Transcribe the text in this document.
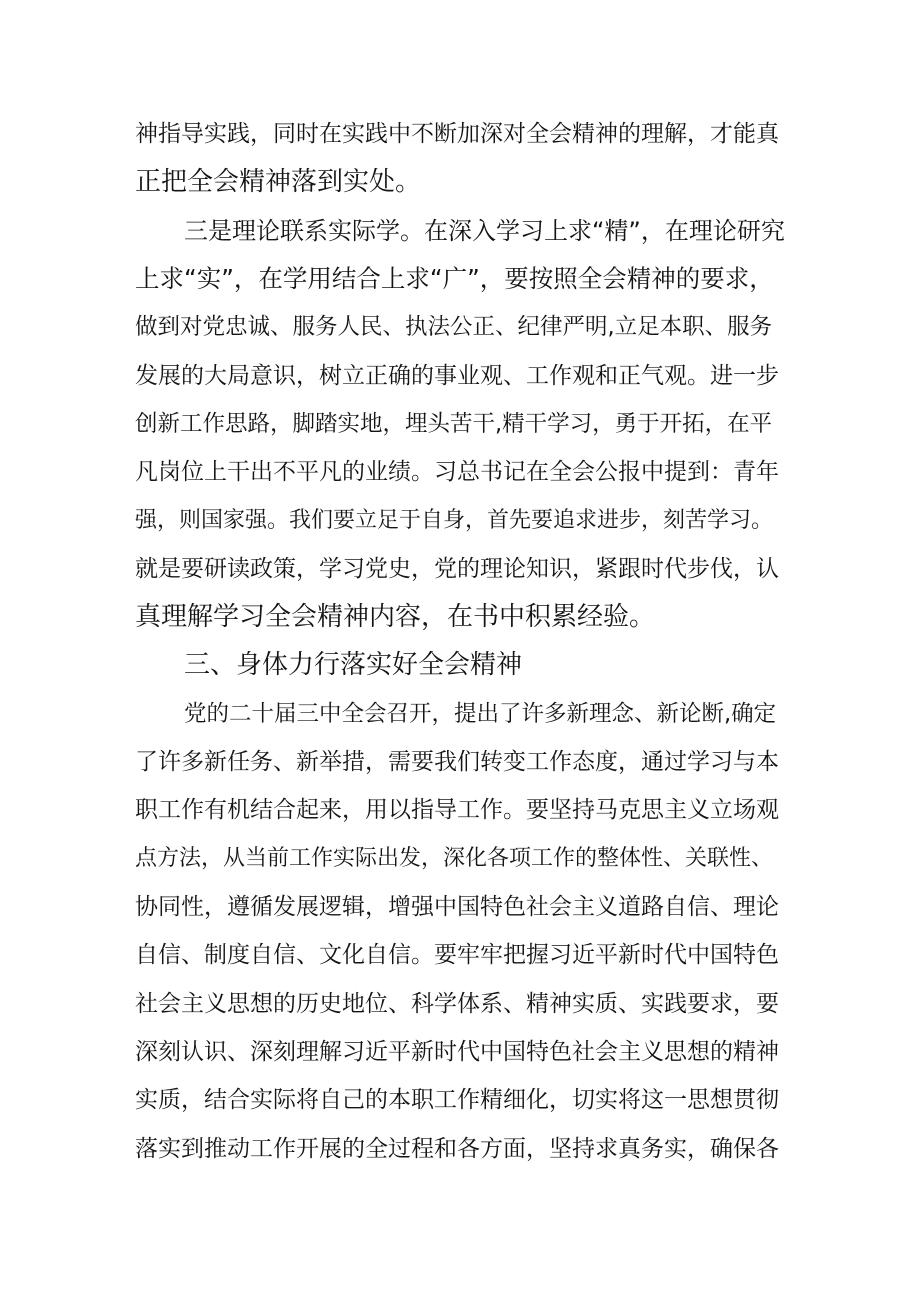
神指导实践，同时在实践中不断加深对全会精神的理解，才能真
正把全会精神落到实处。
三是理论联系实际学。在深入学习上求“精”，在理论研究
上求“实”，在学用结合上求“广”，要按照全会精神的要求，
做到对党忠诚、服务人民、执法公正、纪律严明,立足本职、服务
发展的大局意识，树立正确的事业观、工作观和正气观。进一步
创新工作思路，脚踏实地，埋头苦干,精干学习，勇于开拓，在平
凡岗位上干出不平凡的业绩。习总书记在全会公报中提到：青年
强，则国家强。我们要立足于自身，首先要追求进步，刻苦学习。
就是要研读政策，学习党史，党的理论知识，紧跟时代步伐，认
真理解学习全会精神内容，在书中积累经验。
三、身体力行落实好全会精神
党的二十届三中全会召开，提出了许多新理念、新论断,确定
了许多新任务、新举措，需要我们转变工作态度，通过学习与本
职工作有机结合起来，用以指导工作。要坚持马克思主义立场观
点方法，从当前工作实际出发，深化各项工作的整体性、关联性、
协同性，遵循发展逻辑，增强中国特色社会主义道路自信、理论
自信、制度自信、文化自信。要牢牢把握习近平新时代中国特色
社会主义思想的历史地位、科学体系、精神实质、实践要求，要
深刻认识、深刻理解习近平新时代中国特色社会主义思想的精神
实质，结合实际将自己的本职工作精细化，切实将这一思想贯彻
落实到推动工作开展的全过程和各方面，坚持求真务实，确保各
